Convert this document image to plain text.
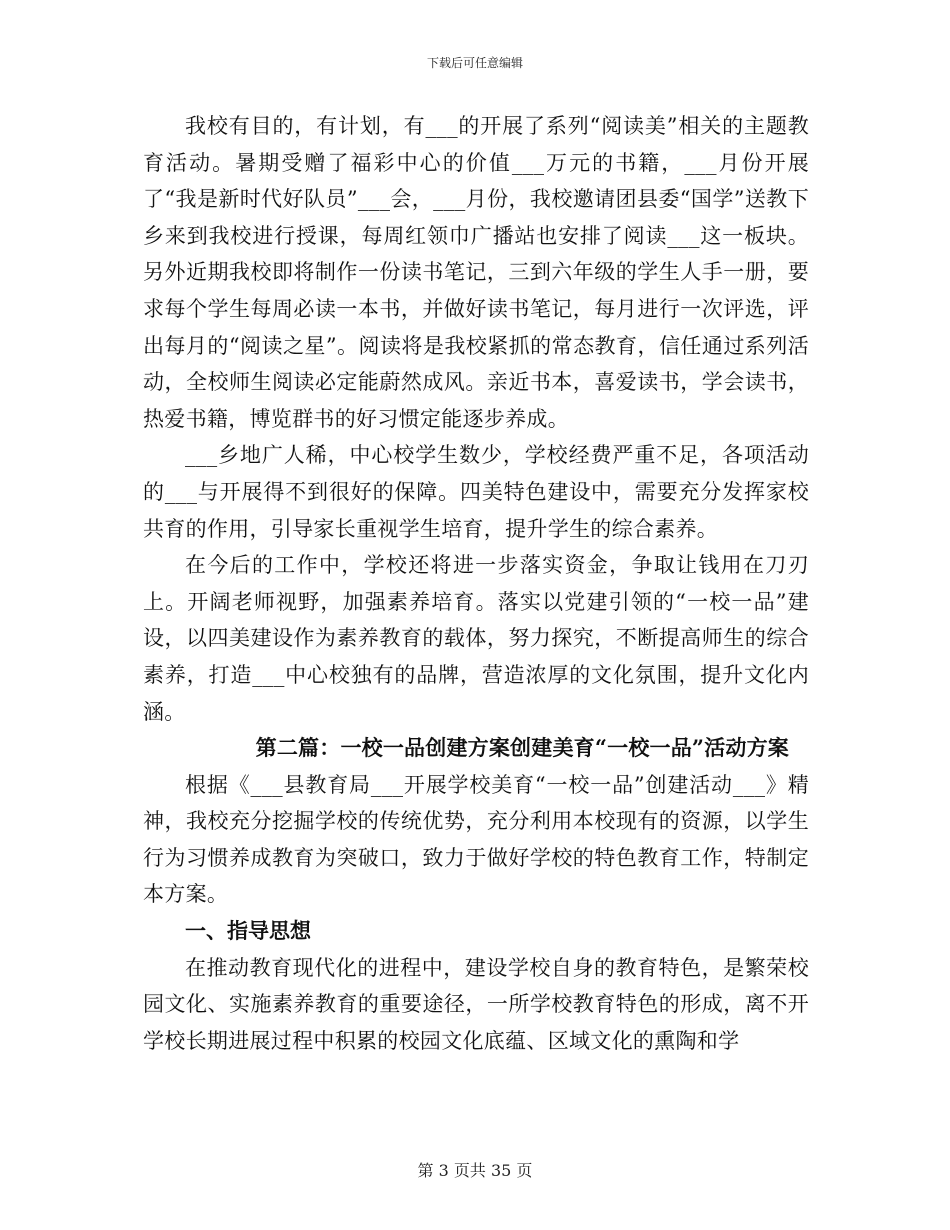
下载后可任意编辑

我校有目的，有计划，有___的开展了系列“阅读美”相关的主题教育活动。暑期受赠了福彩中心的价值___万元的书籍，___月份开展了“我是新时代好队员”___会，___月份，我校邀请团县委“国学”送教下乡来到我校进行授课，每周红领巾广播站也安排了阅读___这一板块。另外近期我校即将制作一份读书笔记，三到六年级的学生人手一册，要求每个学生每周必读一本书，并做好读书笔记，每月进行一次评选，评出每月的“阅读之星”。阅读将是我校紧抓的常态教育，信任通过系列活动，全校师生阅读必定能蔚然成风。亲近书本，喜爱读书，学会读书，热爱书籍，博览群书的好习惯定能逐步养成。

___乡地广人稀，中心校学生数少，学校经费严重不足，各项活动的___与开展得不到很好的保障。四美特色建设中，需要充分发挥家校共育的作用，引导家长重视学生培育，提升学生的综合素养。

在今后的工作中，学校还将进一步落实资金，争取让钱用在刀刃上。开阔老师视野，加强素养培育。落实以党建引领的“一校一品”建设，以四美建设作为素养教育的载体，努力探究，不断提高师生的综合素养，打造___中心校独有的品牌，营造浓厚的文化氛围，提升文化内涵。

第二篇：一校一品创建方案创建美育“一校一品”活动方案

根据《___县教育局___开展学校美育“一校一品”创建活动___》精神，我校充分挖掘学校的传统优势，充分利用本校现有的资源，以学生行为习惯养成教育为突破口，致力于做好学校的特色教育工作，特制定本方案。

一、指导思想

在推动教育现代化的进程中，建设学校自身的教育特色，是繁荣校园文化、实施素养教育的重要途径，一所学校教育特色的形成，离不开学校长期进展过程中积累的校园文化底蕴、区域文化的熏陶和学

第 3 页共 35 页
